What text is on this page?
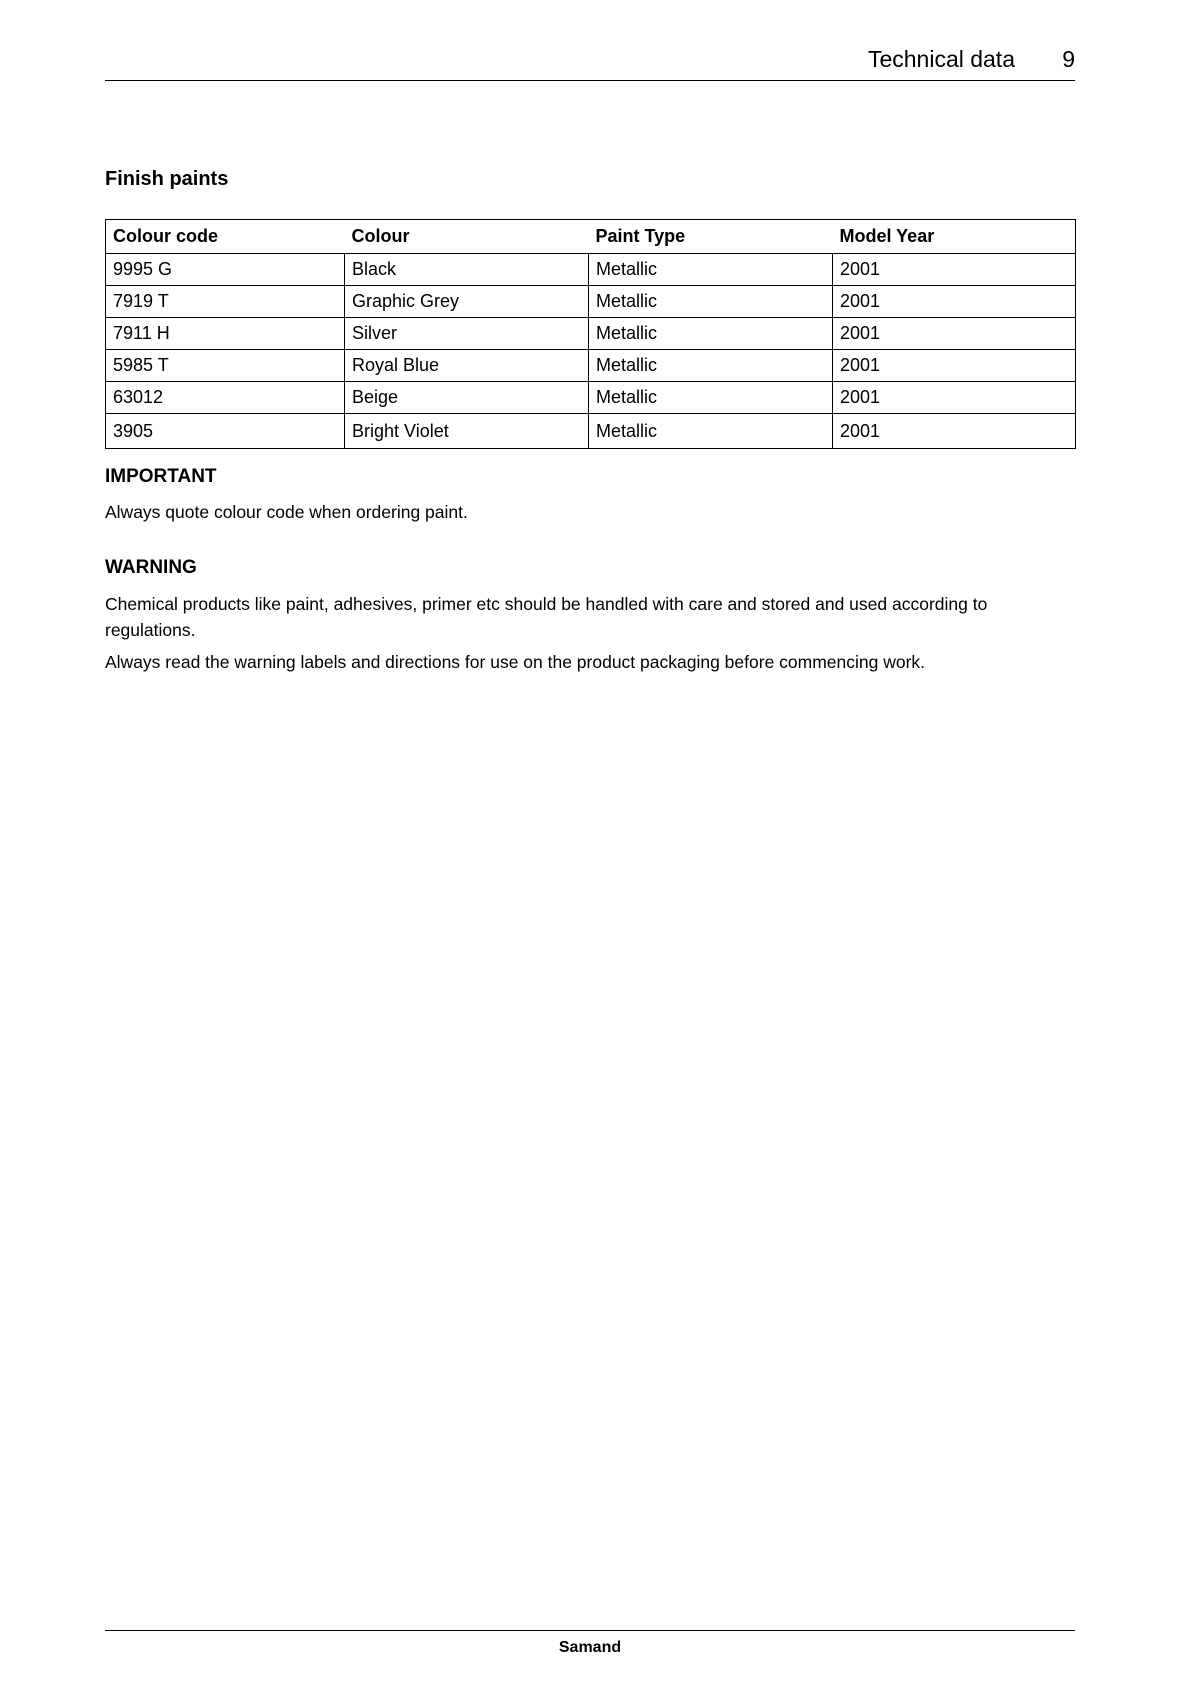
Technical data 9
Finish paints
Colour code	Colour	Paint Type	Model Year
9995 G	Black	Metallic	2001
7919 T	Graphic Grey	Metallic	2001
7911 H	Silver	Metallic	2001
5985 T	Royal Blue	Metallic	2001
63012	Beige	Metallic	2001
3905	Bright Violet	Metallic	2001
IMPORTANT
Always quote colour code when ordering paint.
WARNING
Chemical products like paint, adhesives, primer etc should be handled with care and stored and used according to regulations.
Always read the warning labels and directions for use on the product packaging before commencing work.
Samand
